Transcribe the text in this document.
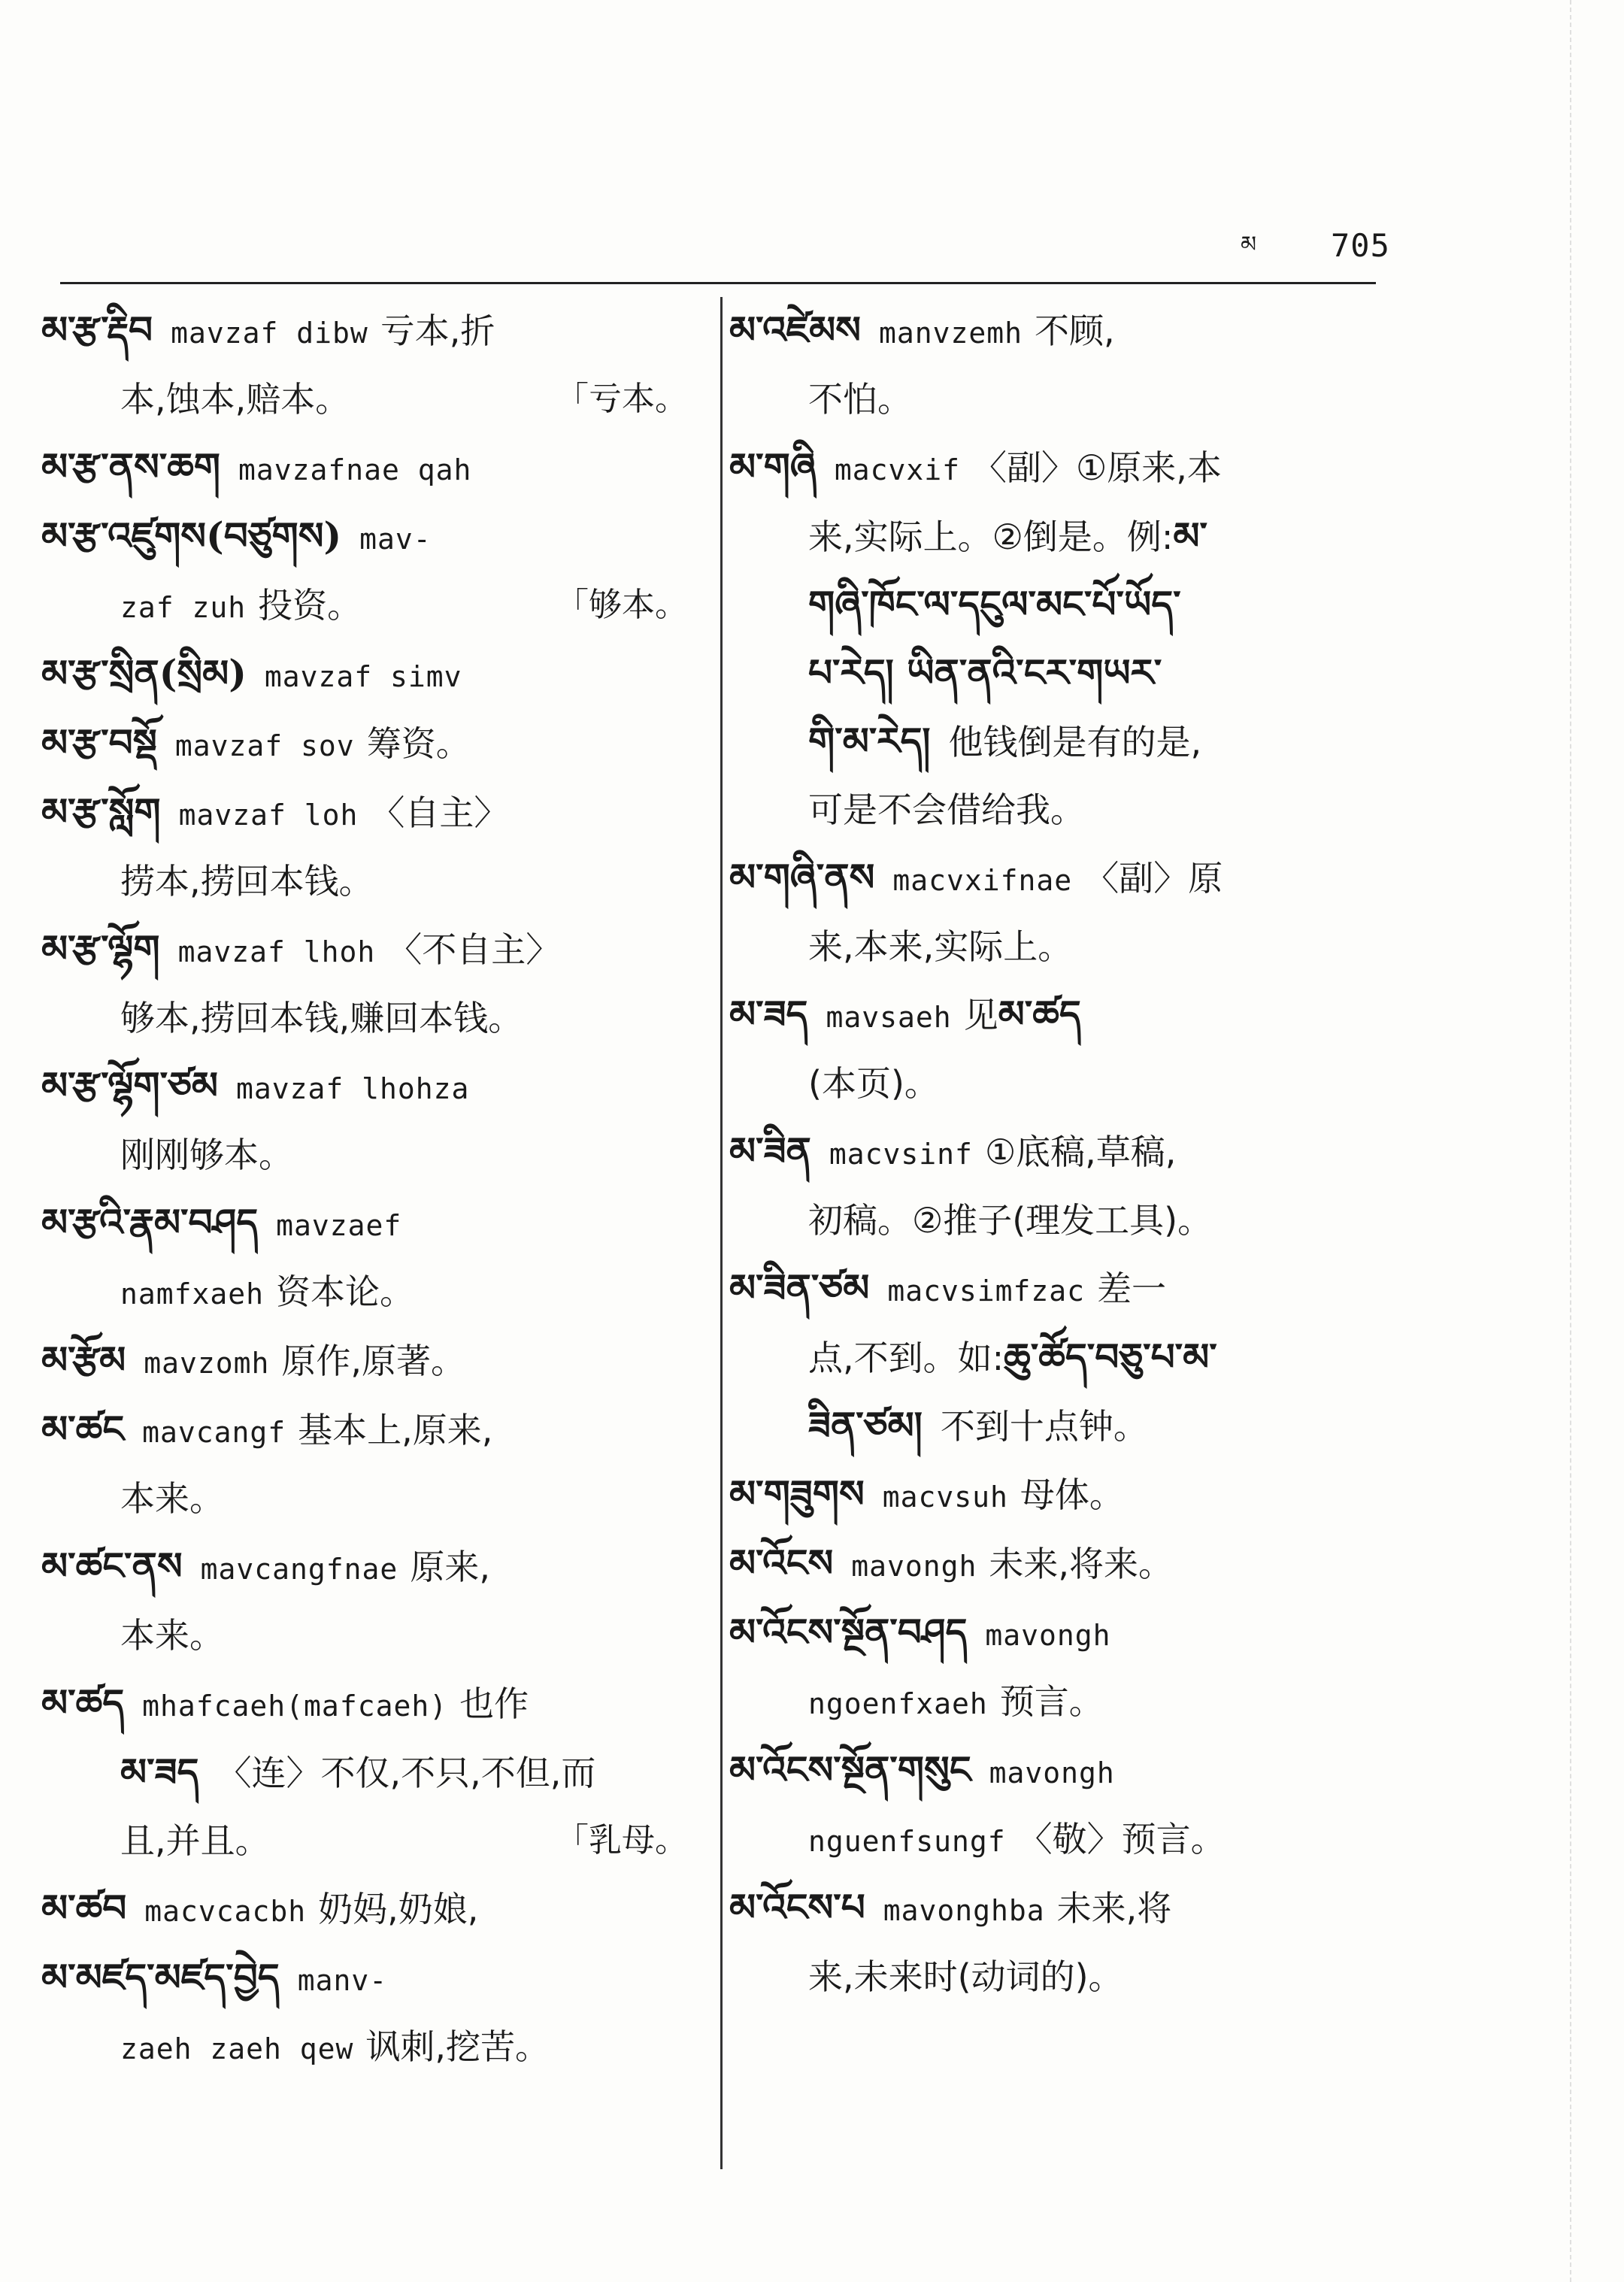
མ 705
མ་རྩ་རྡིབ mavzaf dibw 亏本,折
本,蚀本,赔本。	「亏本。
མ་རྩ་ནས་ཆག mavzafnae qah
མ་རྩ་འཛུགས(བཙུགས) mav-
zaf zuh 投资。	「够本。
མ་རྩ་སྲིན(སྲིམ) mavzaf simv
མ་རྩ་བསྡོ mavzaf sov 筹资。
མ་རྩ་སློག mavzaf loh 〈自主〉
捞本,捞回本钱。
མ་རྩ་ལྷོག mavzaf lhoh 〈不自主〉
够本,捞回本钱,赚回本钱。
མ་རྩ་ལྷོག་ཙམ mavzaf lhohza
刚刚够本。
མ་རྩའི་རྣམ་བཤད mavzaef
namfxaeh 资本论。
མ་རྩོམ mavzomh 原作,原著。
མ་ཚང mavcangf 基本上,原来,
本来。
མ་ཚང་ནས mavcangfnae 原来,
本来。
མ་ཚད mhafcaeh(mafcaeh) 也作
མ་ཟད 〈连〉不仅,不只,不但,而
且,并且。	「乳母。
མ་ཚབ macvcacbh 奶妈,奶娘,
མ་མཛད་མཛད་བྱེད manv-
zaeh zaeh qew 讽刺,挖苦。
མ་འཛེམས manvzemh 不顾,
不怕。
མ་གཞི macvxif 〈副〉①原来,本
来,实际上。②倒是。例:མ་
གཞི་ཁོང་ལ་དངུལ་མང་པོ་ཡོད་
པ་རེད། ཡིན་ནའི་ངར་གཡར་
གི་མ་རེད། 他钱倒是有的是,
可是不会借给我。
མ་གཞི་ནས macvxifnae 〈副〉原
来,本来,实际上。
མ་ཟད mavsaeh 见མ་ཚད
(本页)。
མ་ཟིན macvsinf ①底稿,草稿,
初稿。②推子(理发工具)。
མ་ཟིན་ཙམ macvsimfzac 差一
点,不到。如:ཆུ་ཚོད་བཅུ་པ་མ་
ཟིན་ཙམ། 不到十点钟。
མ་གཟུགས macvsuh 母体。
མ་འོངས mavongh 未来,将来。
མ་འོངས་སྔོན་བཤད mavongh
ngoenfxaeh 预言。
མ་འོངས་སྔོན་གསུང mavongh
nguenfsungf 〈敬〉预言。
མ་འོངས་པ mavonghba 未来,将
来,未来时(动词的)。
